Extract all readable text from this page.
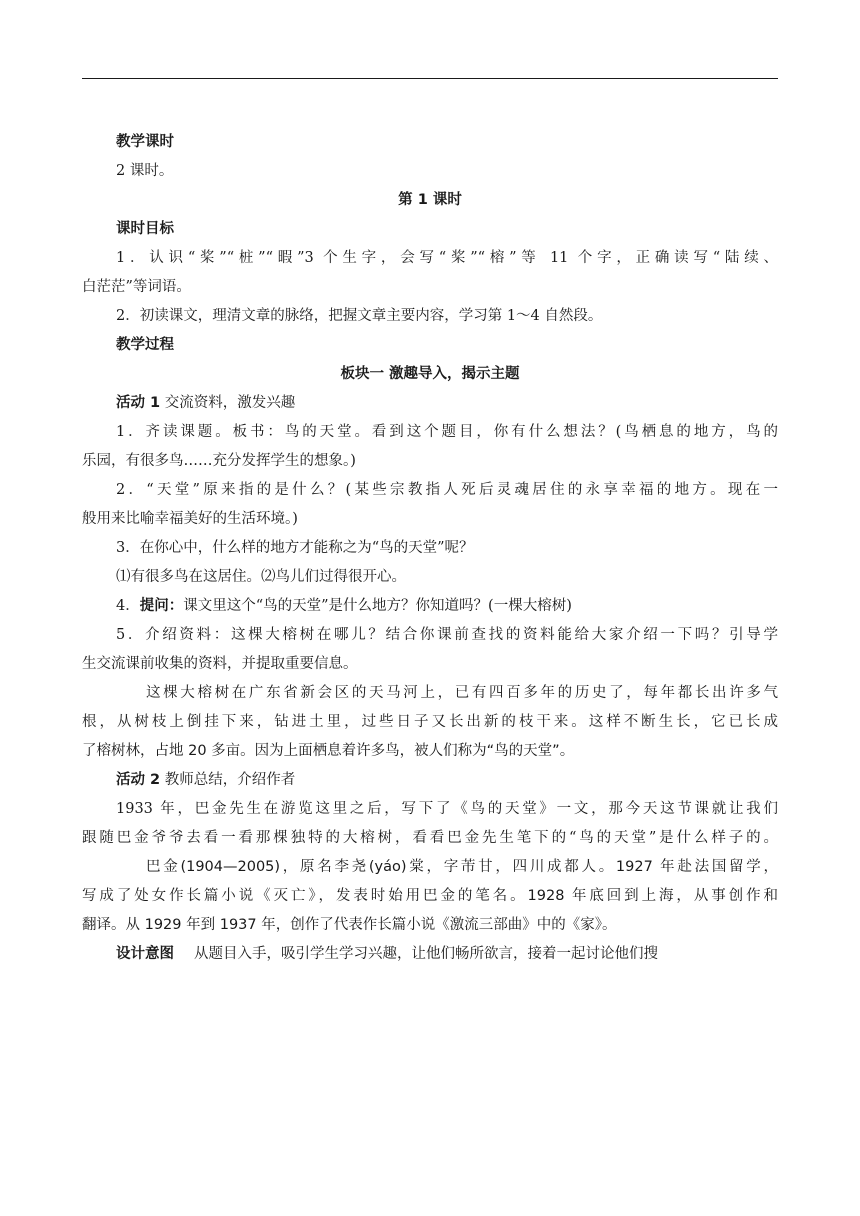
教学课时
2 课时。
第 1 课时
课时目标
1．认识“桨”“桩”“暇”3 个生字，会写“桨”“榕”等 11 个字，正确读写“陆续、
白茫茫”等词语。
2．初读课文，理清文章的脉络，把握文章主要内容，学习第 1～4 自然段。
教学过程
板块一 激趣导入，揭示主题
活动 1 交流资料，激发兴趣
1．齐读课题。板书：鸟的天堂。看到这个题目，你有什么想法？(鸟栖息的地方，鸟的
乐园，有很多鸟……充分发挥学生的想象。)
2．“天堂”原来指的是什么？(某些宗教指人死后灵魂居住的永享幸福的地方。现在一
般用来比喻幸福美好的生活环境。)
3．在你心中，什么样的地方才能称之为“鸟的天堂”呢？
⑴有很多鸟在这居住。⑵鸟儿们过得很开心。
4．提问：课文里这个“鸟的天堂”是什么地方？你知道吗？(一棵大榕树)
5．介绍资料：这棵大榕树在哪儿？结合你课前查找的资料能给大家介绍一下吗？引导学
生交流课前收集的资料，并提取重要信息。
这棵大榕树在广东省新会区的天马河上，已有四百多年的历史了，每年都长出许多气
根，从树枝上倒挂下来，钻进土里，过些日子又长出新的枝干来。这样不断生长，它已长成
了榕树林，占地 20 多亩。因为上面栖息着许多鸟，被人们称为“鸟的天堂”。
活动 2 教师总结，介绍作者
1933 年，巴金先生在游览这里之后，写下了《鸟的天堂》一文，那今天这节课就让我们
跟随巴金爷爷去看一看那棵独特的大榕树，看看巴金先生笔下的“鸟的天堂”是什么样子的。
巴金(1904—2005)，原名李尧(yáo)棠，字芾甘，四川成都人。1927 年赴法国留学，
写成了处女作长篇小说《灭亡》，发表时始用巴金的笔名。1928 年底回到上海，从事创作和
翻译。从 1929 年到 1937 年，创作了代表作长篇小说《激流三部曲》中的《家》。
设计意图 从题目入手，吸引学生学习兴趣，让他们畅所欲言，接着一起讨论他们搜
